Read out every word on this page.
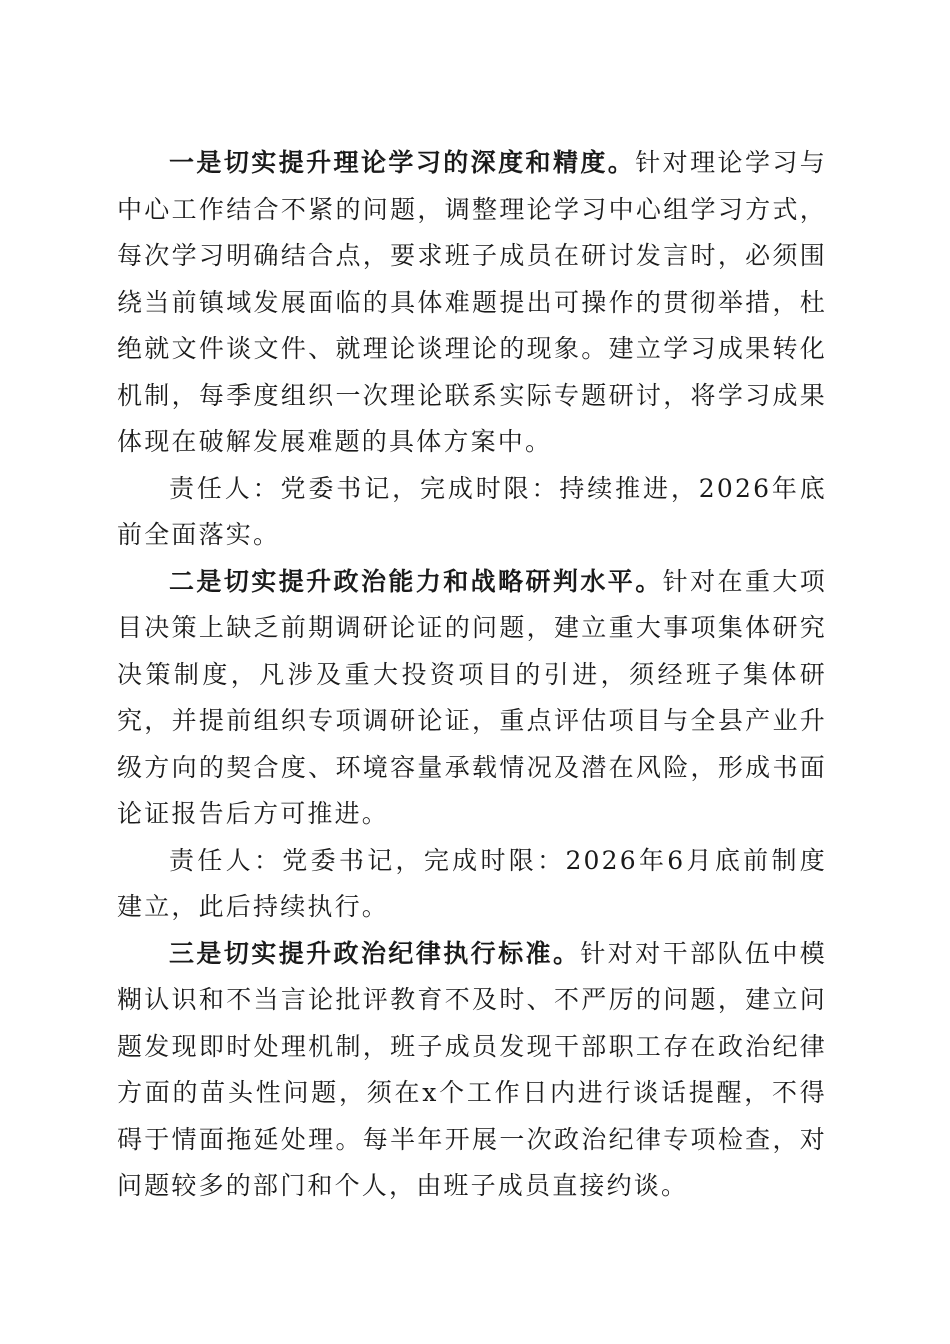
一是切实提升理论学习的深度和精度。针对理论学习与中心工作结合不紧的问题，调整理论学习中心组学习方式，每次学习明确结合点，要求班子成员在研讨发言时，必须围绕当前镇域发展面临的具体难题提出可操作的贯彻举措，杜绝就文件谈文件、就理论谈理论的现象。建立学习成果转化机制，每季度组织一次理论联系实际专题研讨，将学习成果体现在破解发展难题的具体方案中。

责任人：党委书记，完成时限：持续推进，2026年底前全面落实。

二是切实提升政治能力和战略研判水平。针对在重大项目决策上缺乏前期调研论证的问题，建立重大事项集体研究决策制度，凡涉及重大投资项目的引进，须经班子集体研究，并提前组织专项调研论证，重点评估项目与全县产业升级方向的契合度、环境容量承载情况及潜在风险，形成书面论证报告后方可推进。

责任人：党委书记，完成时限：2026年6月底前制度建立，此后持续执行。

三是切实提升政治纪律执行标准。针对对干部队伍中模糊认识和不当言论批评教育不及时、不严厉的问题，建立问题发现即时处理机制，班子成员发现干部职工存在政治纪律方面的苗头性问题，须在x个工作日内进行谈话提醒，不得碍于情面拖延处理。每半年开展一次政治纪律专项检查，对问题较多的部门和个人，由班子成员直接约谈。
